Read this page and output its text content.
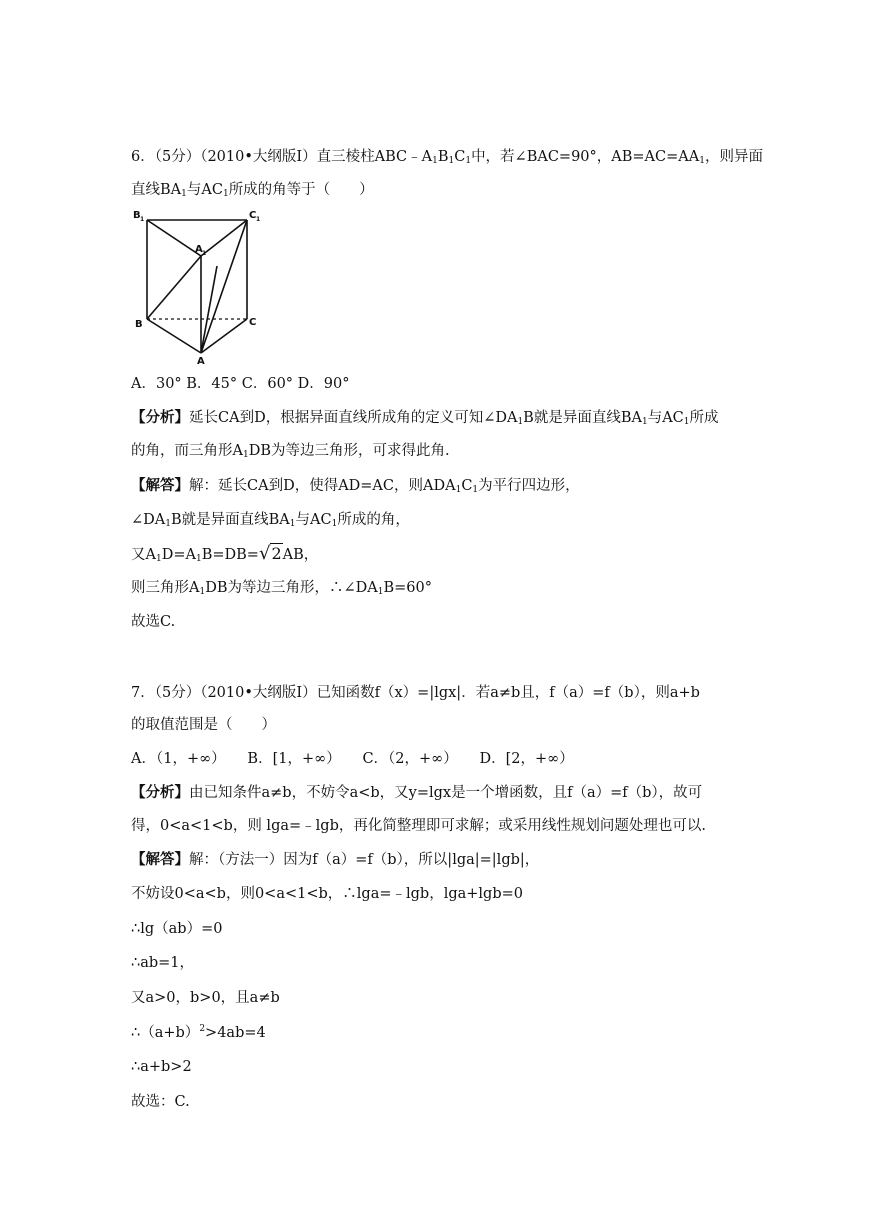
6．（5分）（2010•大纲版Ⅰ）直三棱柱$ABC﹣A_1B_1C_1$中，若∠BAC=90°，$AB=AC=AA_1$，则异面
直线$BA_1$与$AC_1$所成的角等于（　　）
B 1	C 1
A 1
B	C
A
A．30° B．45° C．60° D．90°
【分析】延长CA到D，根据异面直线所成角的定义可知$\angle DA_1B$就是异面直线$BA_1$与$AC_1$所成
的角，而三角形$A_1DB$为等边三角形，可求得此角.
【解答】解：延长CA到D，使得AD=AC，则$ADA_1C_1$为平行四边形，
$\angle DA_1B$就是异面直线$BA_1$与$AC_1$所成的角，
又$A_1D=A_1B=DB=√2AB$，
则三角形$A_1DB$为等边三角形，$\therefore\angle DA_1B=60^\circ$
故选C.
7．（5分）（2010•大纲版Ⅰ）已知函数f（x）=|lgx|．若a≠b且，f（a）=f（b），则a+b
的取值范围是（　　）
A．（1，+∞）　　B．[1，+∞）　　C．（2，+∞）　　D．[2，+∞）
【分析】由已知条件a≠b，不妨令a<b，又y=lgx是一个增函数，且f（a）=f（b），故可
得，0<a<1<b，则 lga=﹣lgb，再化简整理即可求解；或采用线性规划问题处理也可以.
【解答】解：（方法一）因为f（a）=f（b），所以|lga|=|lgb|，
不妨设0<a<b，则0<a<1<b，∴lga=﹣lgb，lga+lgb=0
∴lg（ab）=0
∴ab=1，
又a>0，b>0，且a≠b
$\therefore(a+b)^2>4ab=4$
∴a+b>2
故选：C.
